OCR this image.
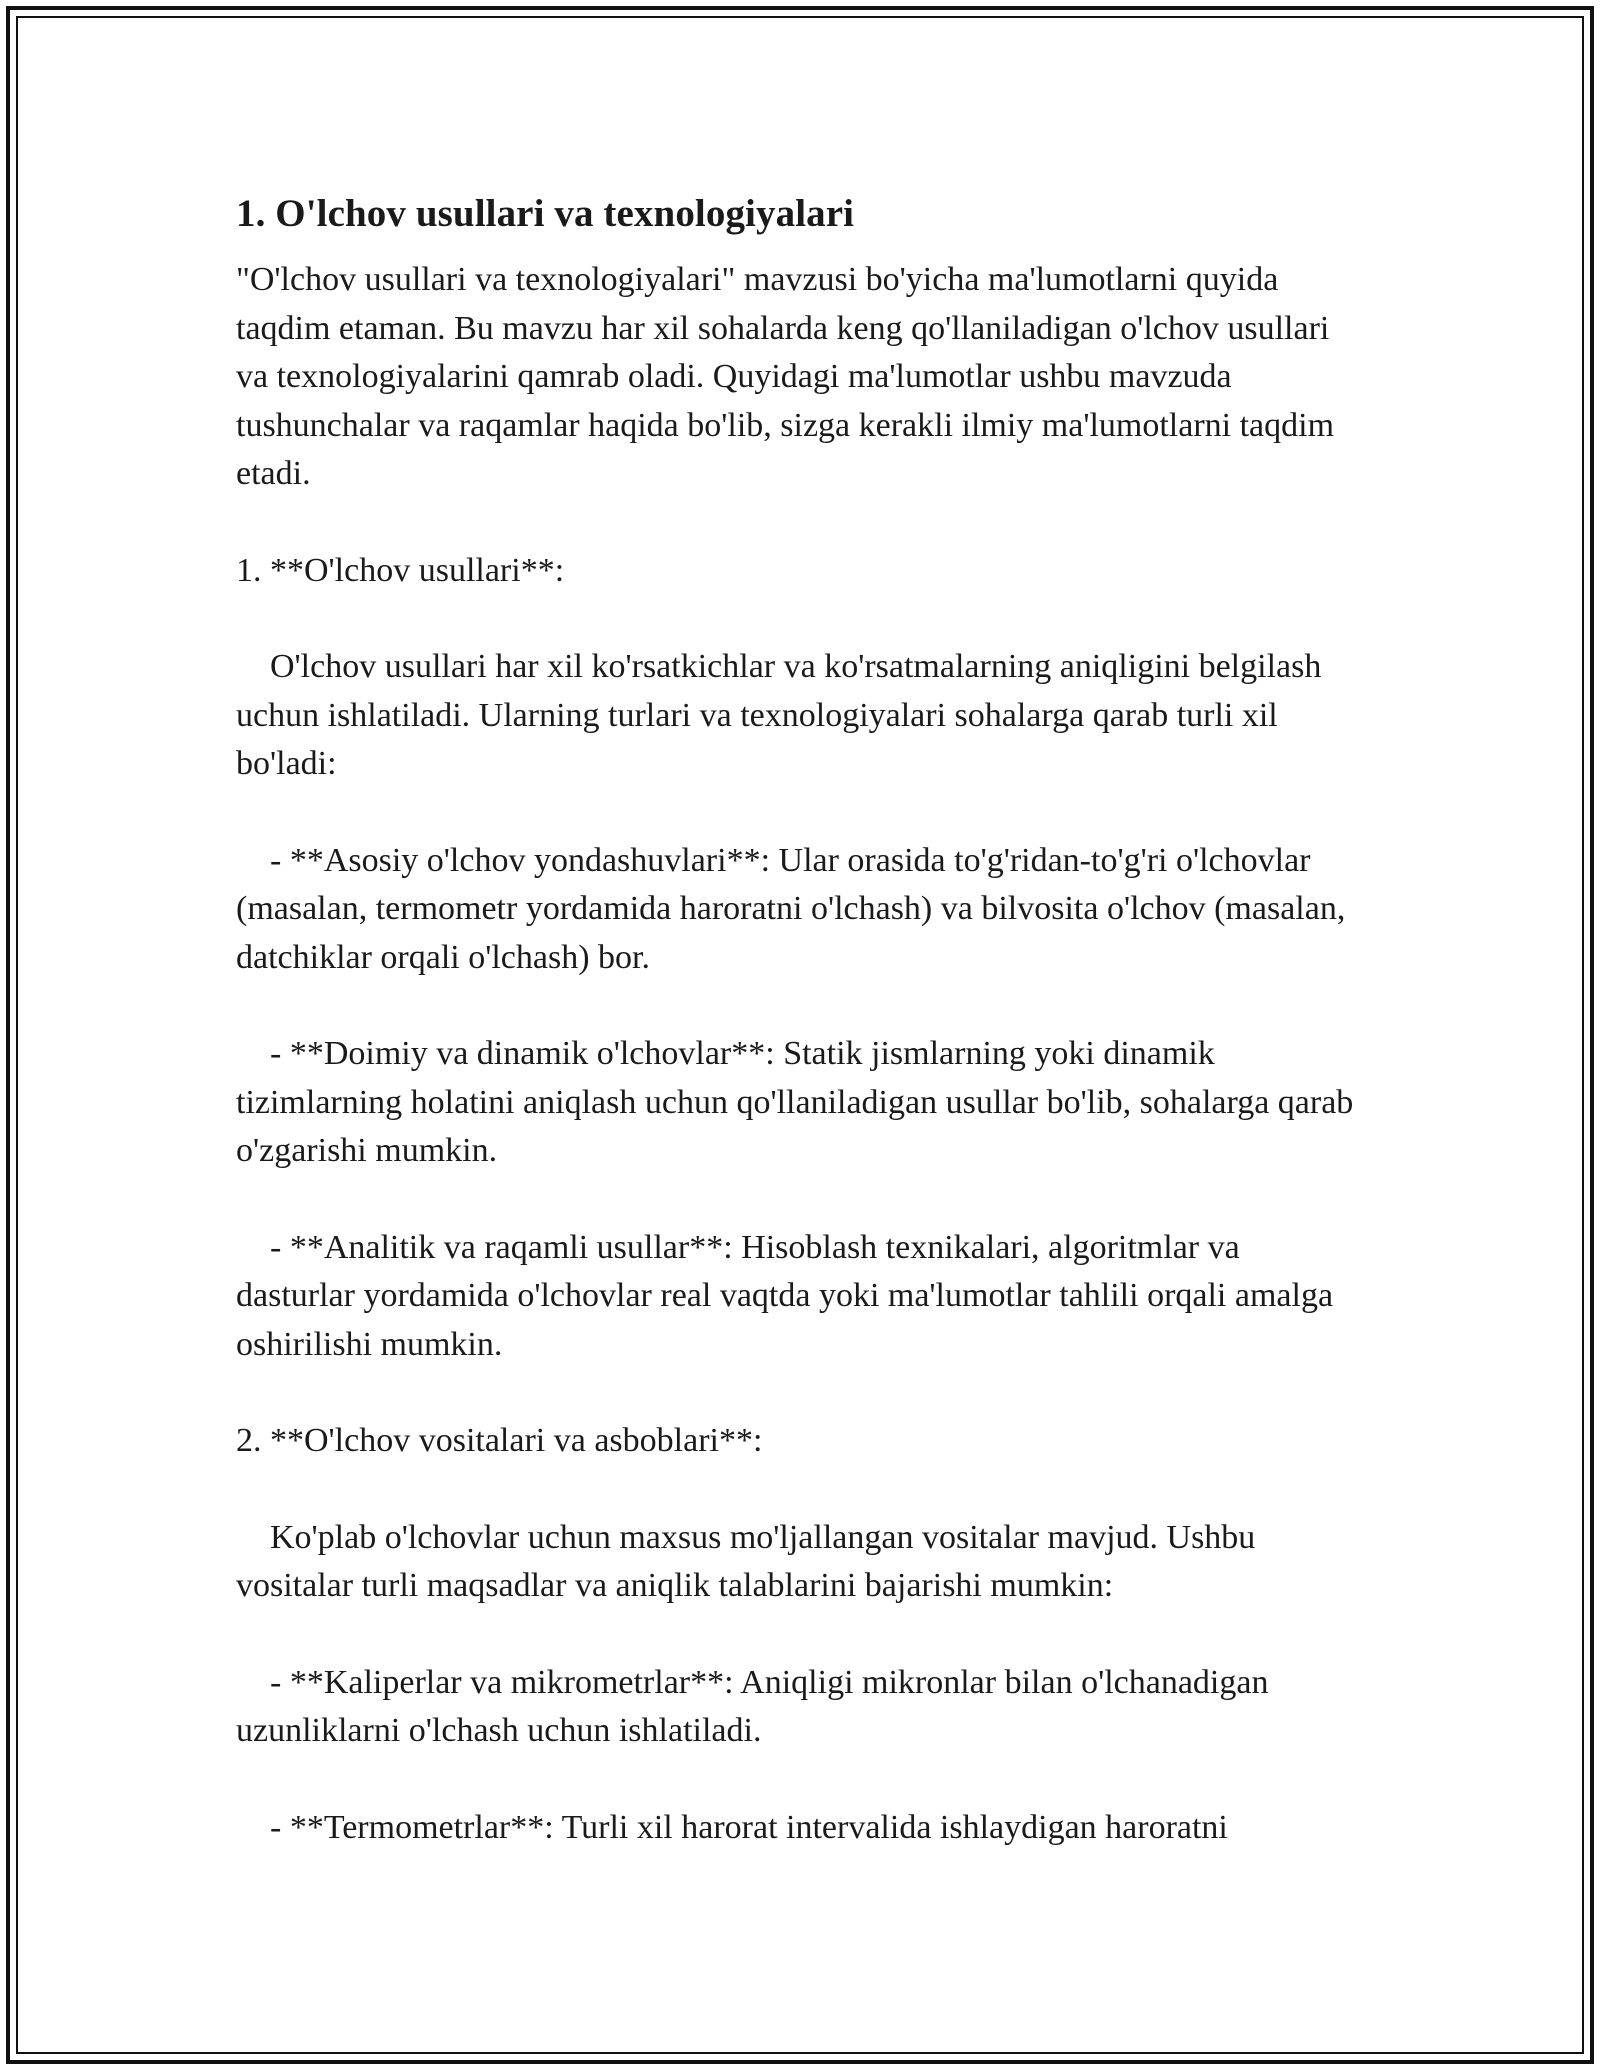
1. O'lchov usullari va texnologiyalari

"O'lchov usullari va texnologiyalari" mavzusi bo'yicha ma'lumotlarni quyida taqdim etaman. Bu mavzu har xil sohalarda keng qo'llaniladigan o'lchov usullari va texnologiyalarini qamrab oladi. Quyidagi ma'lumotlar ushbu mavzuda tushunchalar va raqamlar haqida bo'lib, sizga kerakli ilmiy ma'lumotlarni taqdim etadi.

1. **O'lchov usullari**:

O'lchov usullari har xil ko'rsatkichlar va ko'rsatmalarning aniqligini belgilash uchun ishlatiladi. Ularning turlari va texnologiyalari sohalarga qarab turli xil bo'ladi:

- **Asosiy o'lchov yondashuvlari**: Ular orasida to'g'ridan-to'g'ri o'lchovlar (masalan, termometr yordamida haroratni o'lchash) va bilvosita o'lchov (masalan, datchiklar orqali o'lchash) bor.

- **Doimiy va dinamik o'lchovlar**: Statik jismlarning yoki dinamik tizimlarning holatini aniqlash uchun qo'llaniladigan usullar bo'lib, sohalarga qarab o'zgarishi mumkin.

- **Analitik va raqamli usullar**: Hisoblash texnikalari, algoritmlar va dasturlar yordamida o'lchovlar real vaqtda yoki ma'lumotlar tahlili orqali amalga oshirilishi mumkin.

2. **O'lchov vositalari va asboblari**:

Ko'plab o'lchovlar uchun maxsus mo'ljallangan vositalar mavjud. Ushbu vositalar turli maqsadlar va aniqlik talablarini bajarishi mumkin:

- **Kaliperlar va mikrometrlar**: Aniqligi mikronlar bilan o'lchanadigan uzunliklarni o'lchash uchun ishlatiladi.

- **Termometrlar**: Turli xil harorat intervalida ishlaydigan haroratni
